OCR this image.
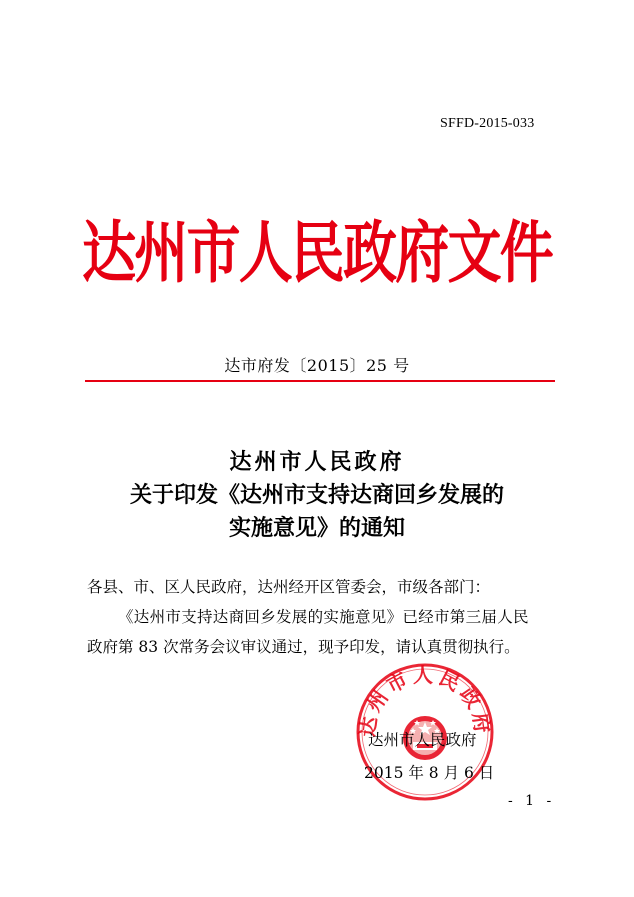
SFFD-2015-033
达州市人民政府文件
达市府发〔2015〕25 号
达州市人民政府
关于印发《达州市支持达商回乡发展的
实施意见》的通知

各县、市、区人民政府，达州经开区管委会，市级各部门：

《达州市支持达商回乡发展的实施意见》已经市第三届人民

政府第 83 次常务会议审议通过，现予印发，请认真贯彻执行。

达州市人民政府
达州市人民政府
2015 年 8 月 6 日
- 1 -
